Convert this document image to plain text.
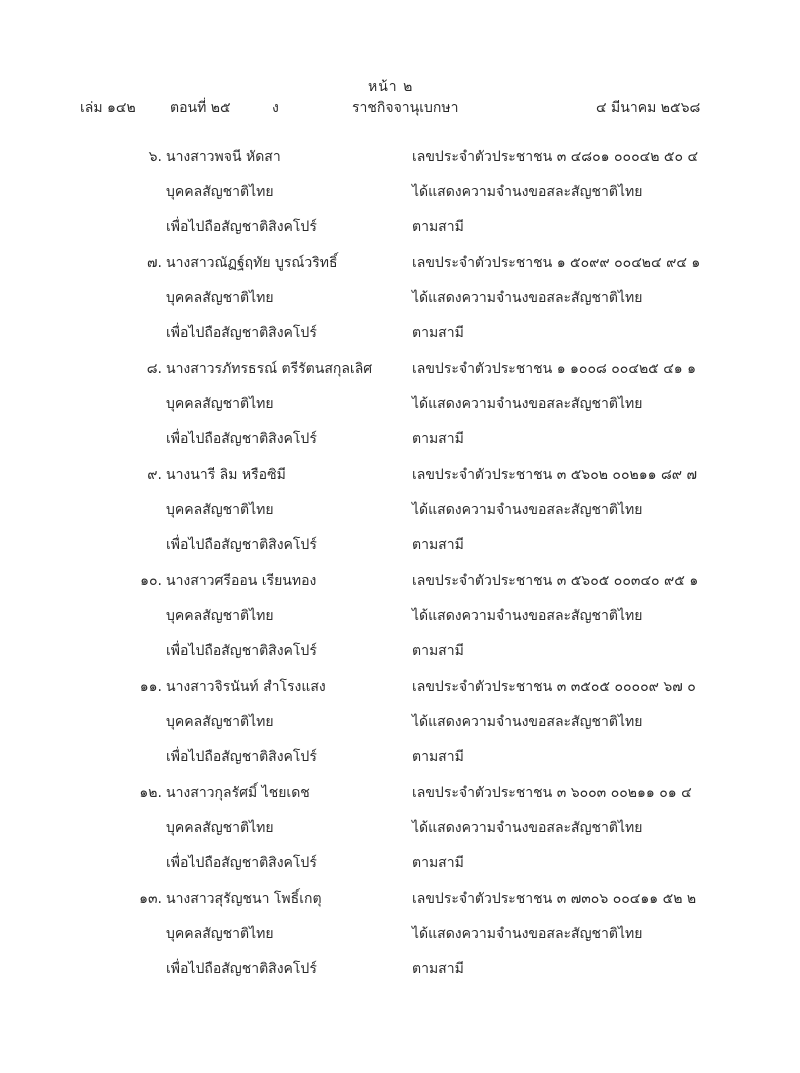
หน้า ๒
เล่ม ๑๔๒ ตอนที่ ๒๕	ง	ราชกิจจานุเบกษา	๔ มีนาคม ๒๕๖๘
๖. นางสาวพจนี หัดสา	เลขประจำตัวประชาชน ๓ ๔๘๐๑ ๐๐๐๔๒ ๕๐ ๔
บุคคลสัญชาติไทย	ได้แสดงความจำนงขอสละสัญชาติไทย
เพื่อไปถือสัญชาติสิงคโปร์	ตามสามี
๗. นางสาวณัฏฐ์ฤทัย บูรณ์วริทธิ์	เลขประจำตัวประชาชน ๑ ๕๐๙๙ ๐๐๔๒๔ ๙๔ ๑
บุคคลสัญชาติไทย	ได้แสดงความจำนงขอสละสัญชาติไทย
เพื่อไปถือสัญชาติสิงคโปร์	ตามสามี
๘. นางสาวรภัทรธรณ์ ตรีรัตนสกุลเลิศ	เลขประจำตัวประชาชน ๑ ๑๐๐๘ ๐๐๔๒๕ ๔๑ ๑
บุคคลสัญชาติไทย	ได้แสดงความจำนงขอสละสัญชาติไทย
เพื่อไปถือสัญชาติสิงคโปร์	ตามสามี
๙. นางนารี ลิม หรือซิมี	เลขประจำตัวประชาชน ๓ ๕๖๐๒ ๐๐๒๑๑ ๘๙ ๗
บุคคลสัญชาติไทย	ได้แสดงความจำนงขอสละสัญชาติไทย
เพื่อไปถือสัญชาติสิงคโปร์	ตามสามี
๑๐. นางสาวศรีออน เรียนทอง	เลขประจำตัวประชาชน ๓ ๕๖๐๕ ๐๐๓๔๐ ๙๕ ๑
บุคคลสัญชาติไทย	ได้แสดงความจำนงขอสละสัญชาติไทย
เพื่อไปถือสัญชาติสิงคโปร์	ตามสามี
๑๑. นางสาวจิรนันท์ สำโรงแสง	เลขประจำตัวประชาชน ๓ ๓๕๐๕ ๐๐๐๐๙ ๖๗ ๐
บุคคลสัญชาติไทย	ได้แสดงความจำนงขอสละสัญชาติไทย
เพื่อไปถือสัญชาติสิงคโปร์	ตามสามี
๑๒. นางสาวกุลรัศมิ์ ไชยเดช	เลขประจำตัวประชาชน ๓ ๖๐๐๓ ๐๐๒๑๑ ๐๑ ๔
บุคคลสัญชาติไทย	ได้แสดงความจำนงขอสละสัญชาติไทย
เพื่อไปถือสัญชาติสิงคโปร์	ตามสามี
๑๓. นางสาวสุรัญชนา โพธิ์เกตุ	เลขประจำตัวประชาชน ๓ ๗๓๐๖ ๐๐๔๑๑ ๕๒ ๒
บุคคลสัญชาติไทย	ได้แสดงความจำนงขอสละสัญชาติไทย
เพื่อไปถือสัญชาติสิงคโปร์	ตามสามี
